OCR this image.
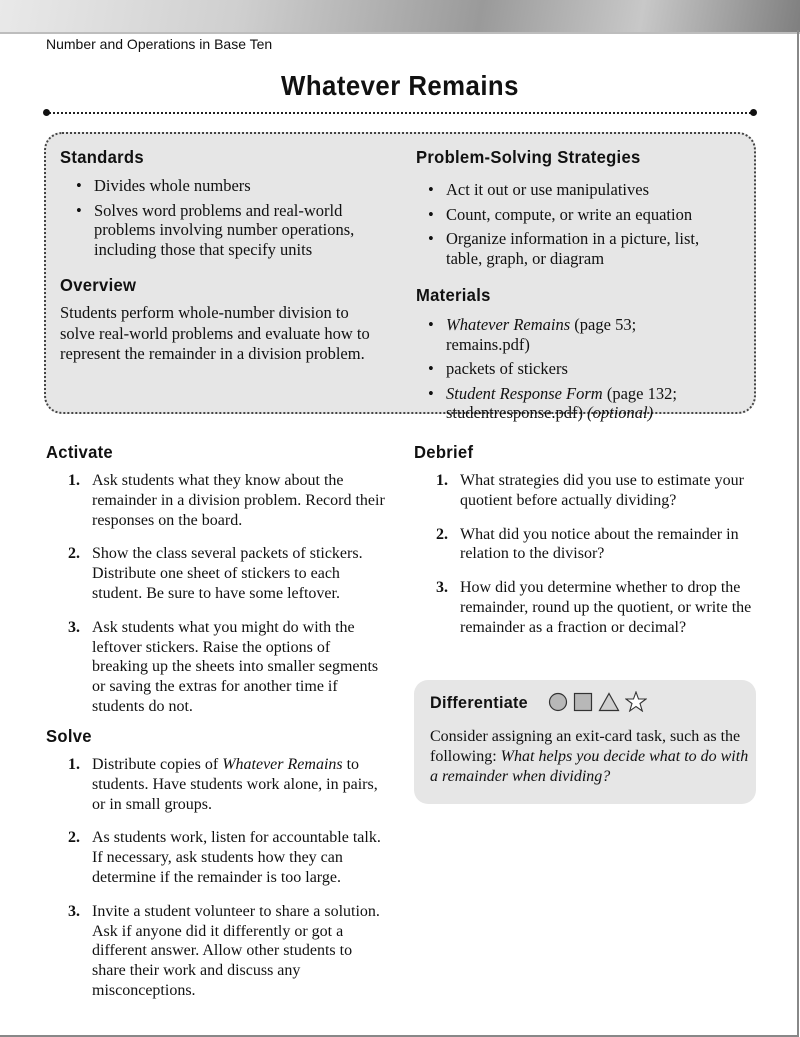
Number and Operations in Base Ten
Whatever Remains
Standards
• Divides whole numbers
• Solves word problems and real-world problems involving number operations, including those that specify units
Overview
Students perform whole-number division to solve real-world problems and evaluate how to represent the remainder in a division problem.
Problem-Solving Strategies
• Act it out or use manipulatives
• Count, compute, or write an equation
• Organize information in a picture, list, table, graph, or diagram
Materials
• Whatever Remains (page 53; remains.pdf)
• packets of stickers
• Student Response Form (page 132; studentresponse.pdf) (optional)
Activate
1. Ask students what they know about the remainder in a division problem. Record their responses on the board.
2. Show the class several packets of stickers. Distribute one sheet of stickers to each student. Be sure to have some leftover.
3. Ask students what you might do with the leftover stickers. Raise the options of breaking up the sheets into smaller segments or saving the extras for another time if students do not.
Solve
1. Distribute copies of Whatever Remains to students. Have students work alone, in pairs, or in small groups.
2. As students work, listen for accountable talk. If necessary, ask students how they can determine if the remainder is too large.
3. Invite a student volunteer to share a solution. Ask if anyone did it differently or got a different answer. Allow other students to share their work and discuss any misconceptions.
Debrief
1. What strategies did you use to estimate your quotient before actually dividing?
2. What did you notice about the remainder in relation to the divisor?
3. How did you determine whether to drop the remainder, round up the quotient, or write the remainder as a fraction or decimal?
Differentiate
Consider assigning an exit-card task, such as the following: What helps you decide what to do with a remainder when dividing?
